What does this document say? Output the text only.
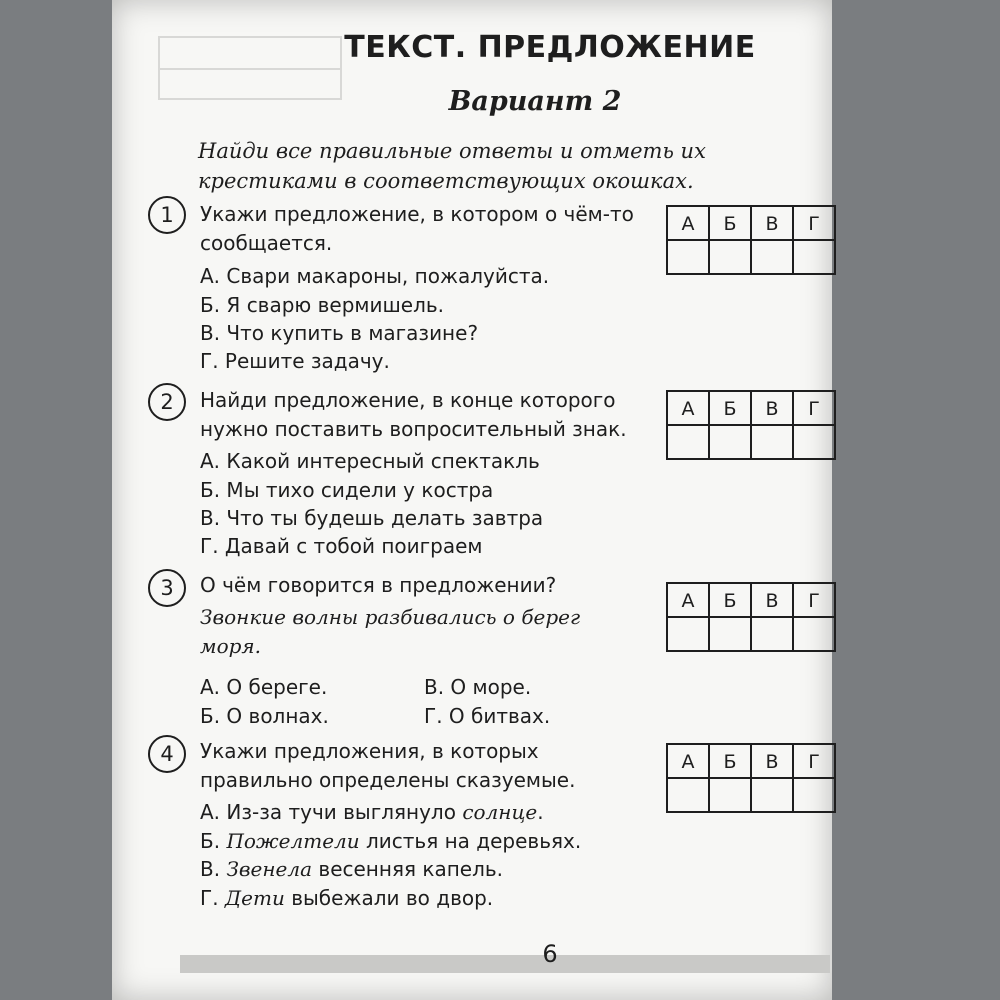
ТЕКСТ. ПРЕДЛОЖЕНИЕ
Вариант 2
Найди все правильные ответы и отметь их крестиками в соответствующих окошках.
1	Укажи предложение, в котором о чём-то сообщается.
А. Свари макароны, пожалуйста.
Б. Я сварю вермишель.
В. Что купить в магазине?
Г. Решите задачу.
А	Б	В	Г
2	Найди предложение, в конце которого нужно поставить вопросительный знак.
А. Какой интересный спектакль
Б. Мы тихо сидели у костра
В. Что ты будешь делать завтра
Г. Давай с тобой поиграем
А	Б	В	Г
3	О чём говорится в предложении?
Звонкие волны разбивались о берег моря.
А. О береге.	В. О море.
Б. О волнах.	Г. О битвах.
А	Б	В	Г
4	Укажи предложения, в которых правильно определены сказуемые.
А. Из-за тучи выглянуло солнце.
Б. Пожелтели листья на деревьях.
В. Звенела весенняя капель.
Г. Дети выбежали во двор.
А	Б	В	Г
6
